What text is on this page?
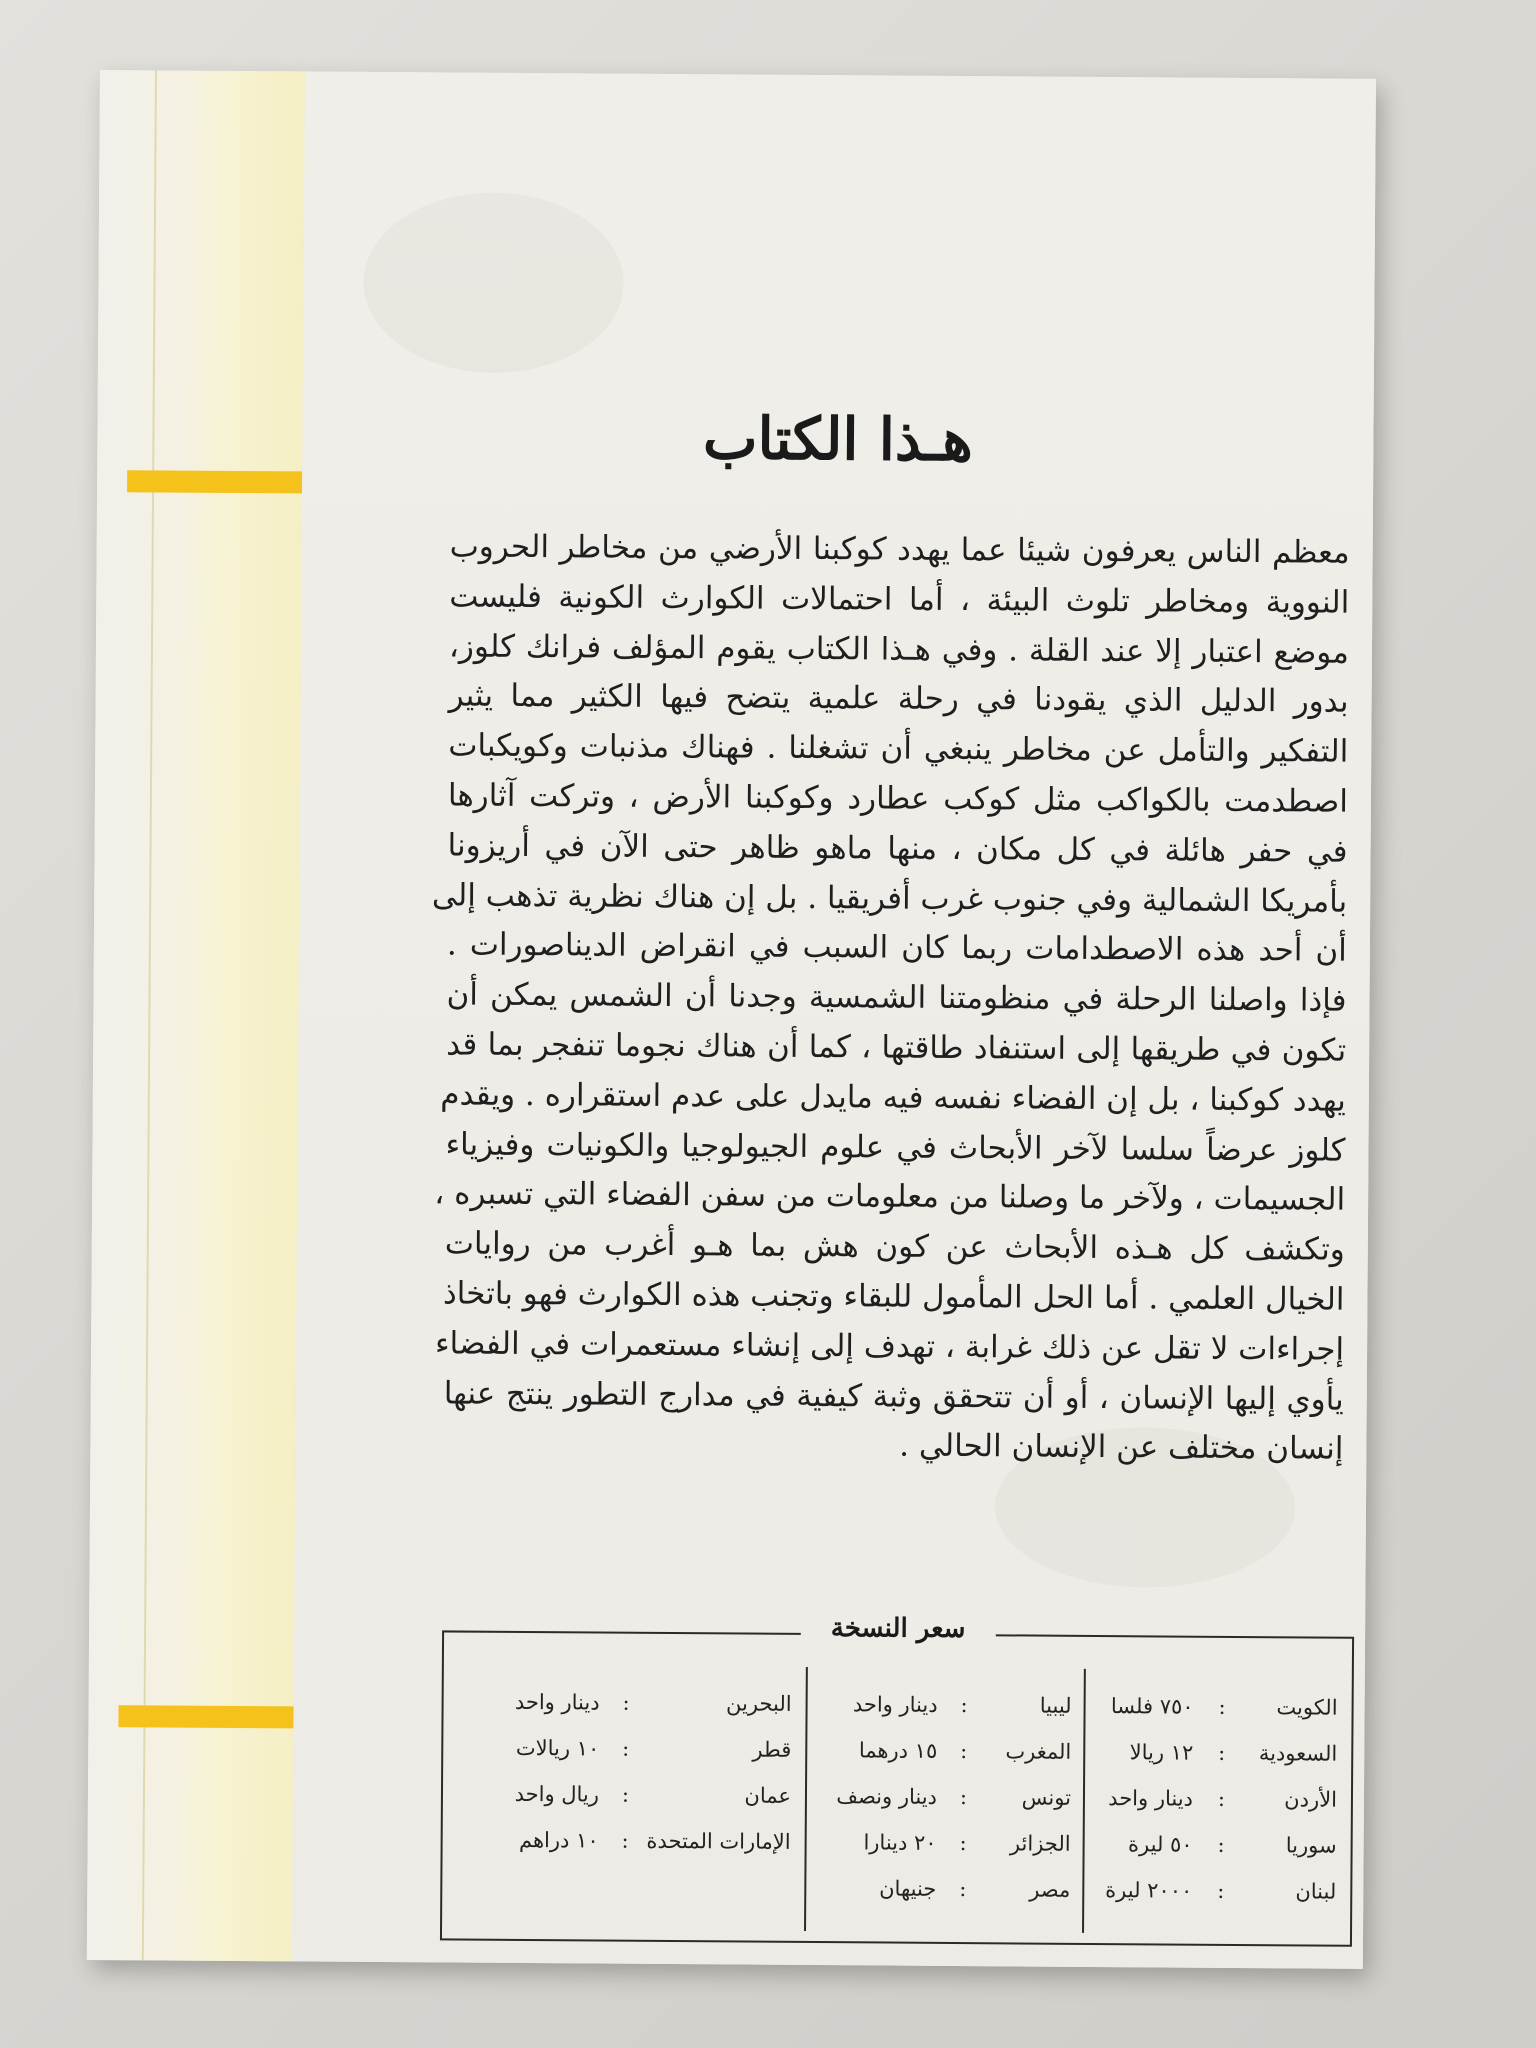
هـذا الكتاب
معظم الناس يعرفون شيئا عما يهدد كوكبنا الأرضي من مخاطر الحروب
النووية ومخاطر تلوث البيئة ، أما احتمالات الكوارث الكونية فليست
موضع اعتبار إلا عند القلة . وفي هـذا الكتاب يقوم المؤلف فرانك كلوز،
بدور الدليل الذي يقودنا في رحلة علمية يتضح فيها الكثير مما يثير
التفكير والتأمل عن مخاطر ينبغي أن تشغلنا . فهناك مذنبات وكويكبات
اصطدمت بالكواكب مثل كوكب عطارد وكوكبنا الأرض ، وتركت آثارها
في حفر هائلة في كل مكان ، منها ماهو ظاهر حتى الآن في أريزونا
بأمريكا الشمالية وفي جنوب غرب أفريقيا . بل إن هناك نظرية تذهب إلى
أن أحد هذه الاصطدامات ربما كان السبب في انقراض الديناصورات .
فإذا واصلنا الرحلة في منظومتنا الشمسية وجدنا أن الشمس يمكن أن
تكون في طريقها إلى استنفاد طاقتها ، كما أن هناك نجوما تنفجر بما قد
يهدد كوكبنا ، بل إن الفضاء نفسه فيه مايدل على عدم استقراره . ويقدم
كلوز عرضاً سلسا لآخر الأبحاث في علوم الجيولوجيا والكونيات وفيزياء
الجسيمات ، ولآخر ما وصلنا من معلومات من سفن الفضاء التي تسبره ،
وتكشف كل هـذه الأبحاث عن كون هش بما هـو أغرب من روايات
الخيال العلمي . أما الحل المأمول للبقاء وتجنب هذه الكوارث فهو باتخاذ
إجراءات لا تقل عن ذلك غرابة ، تهدف إلى إنشاء مستعمرات في الفضاء
يأوي إليها الإنسان ، أو أن تتحقق وثبة كيفية في مدارج التطور ينتج عنها
إنسان مختلف عن الإنسان الحالي .
سعر النسخة
الكويت
:
٧٥٠ فلسا
السعودية
:
١٢ ريالا
الأردن
:
دينار واحد
سوريا
:
٥٠ ليرة
لبنان
:
٢٠٠٠ ليرة
ليبيا
:
دينار واحد
المغرب
:
١٥ درهما
تونس
:
دينار ونصف
الجزائر
:
٢٠ دينارا
مصر
:
جنيهان
البحرين
:
دينار واحد
قطر
:
١٠ ريالات
عمان
:
ريال واحد
الإمارات المتحدة
:
١٠ دراهم
